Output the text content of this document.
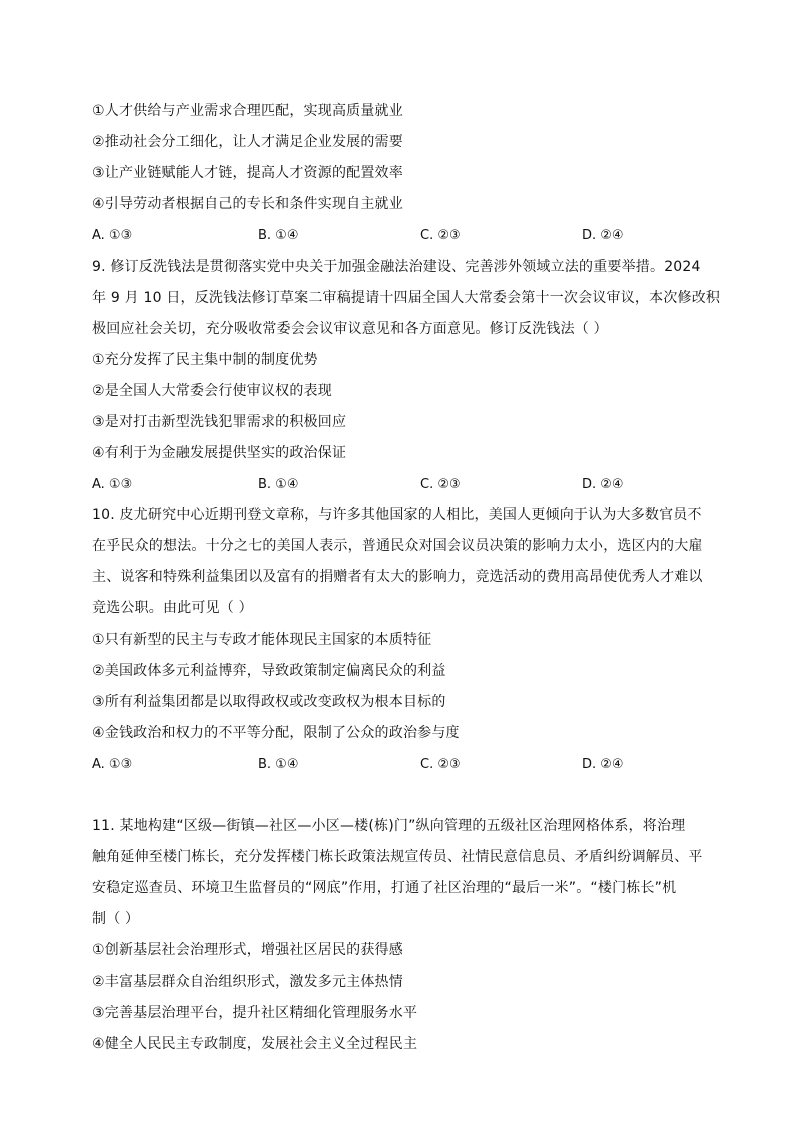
①人才供给与产业需求合理匹配，实现高质量就业
②推动社会分工细化，让人才满足企业发展的需要
③让产业链赋能人才链，提高人才资源的配置效率
④引导劳动者根据自己的专长和条件实现自主就业
A. ①③	B. ①④	C. ②③	D. ②④
9. 修订反洗钱法是贯彻落实党中央关于加强金融法治建设、完善涉外领域立法的重要举措。2024
年 9 月 10 日，反洗钱法修订草案二审稿提请十四届全国人大常委会第十一次会议审议，本次修改积
极回应社会关切，充分吸收常委会会议审议意见和各方面意见。修订反洗钱法（ ）
①充分发挥了民主集中制的制度优势
②是全国人大常委会行使审议权的表现
③是对打击新型洗钱犯罪需求的积极回应
④有利于为金融发展提供坚实的政治保证
A. ①③	B. ①④	C. ②③	D. ②④
10. 皮尤研究中心近期刊登文章称，与许多其他国家的人相比，美国人更倾向于认为大多数官员不
在乎民众的想法。十分之七的美国人表示，普通民众对国会议员决策的影响力太小，选区内的大雇
主、说客和特殊利益集团以及富有的捐赠者有太大的影响力，竞选活动的费用高昂使优秀人才难以
竞选公职。由此可见（ ）
①只有新型的民主与专政才能体现民主国家的本质特征
②美国政体多元利益博弈，导致政策制定偏离民众的利益
③所有利益集团都是以取得政权或改变政权为根本目标的
④金钱政治和权力的不平等分配，限制了公众的政治参与度
A. ①③	B. ①④	C. ②③	D. ②④
11. 某地构建“区级—街镇—社区—小区—楼(栋)门”纵向管理的五级社区治理网格体系，将治理
触角延伸至楼门栋长，充分发挥楼门栋长政策法规宣传员、社情民意信息员、矛盾纠纷调解员、平
安稳定巡查员、环境卫生监督员的“网底”作用，打通了社区治理的“最后一米”。“楼门栋长”机
制（ ）
①创新基层社会治理形式，增强社区居民的获得感
②丰富基层群众自治组织形式，激发多元主体热情
③完善基层治理平台，提升社区精细化管理服务水平
④健全人民民主专政制度，发展社会主义全过程民主
